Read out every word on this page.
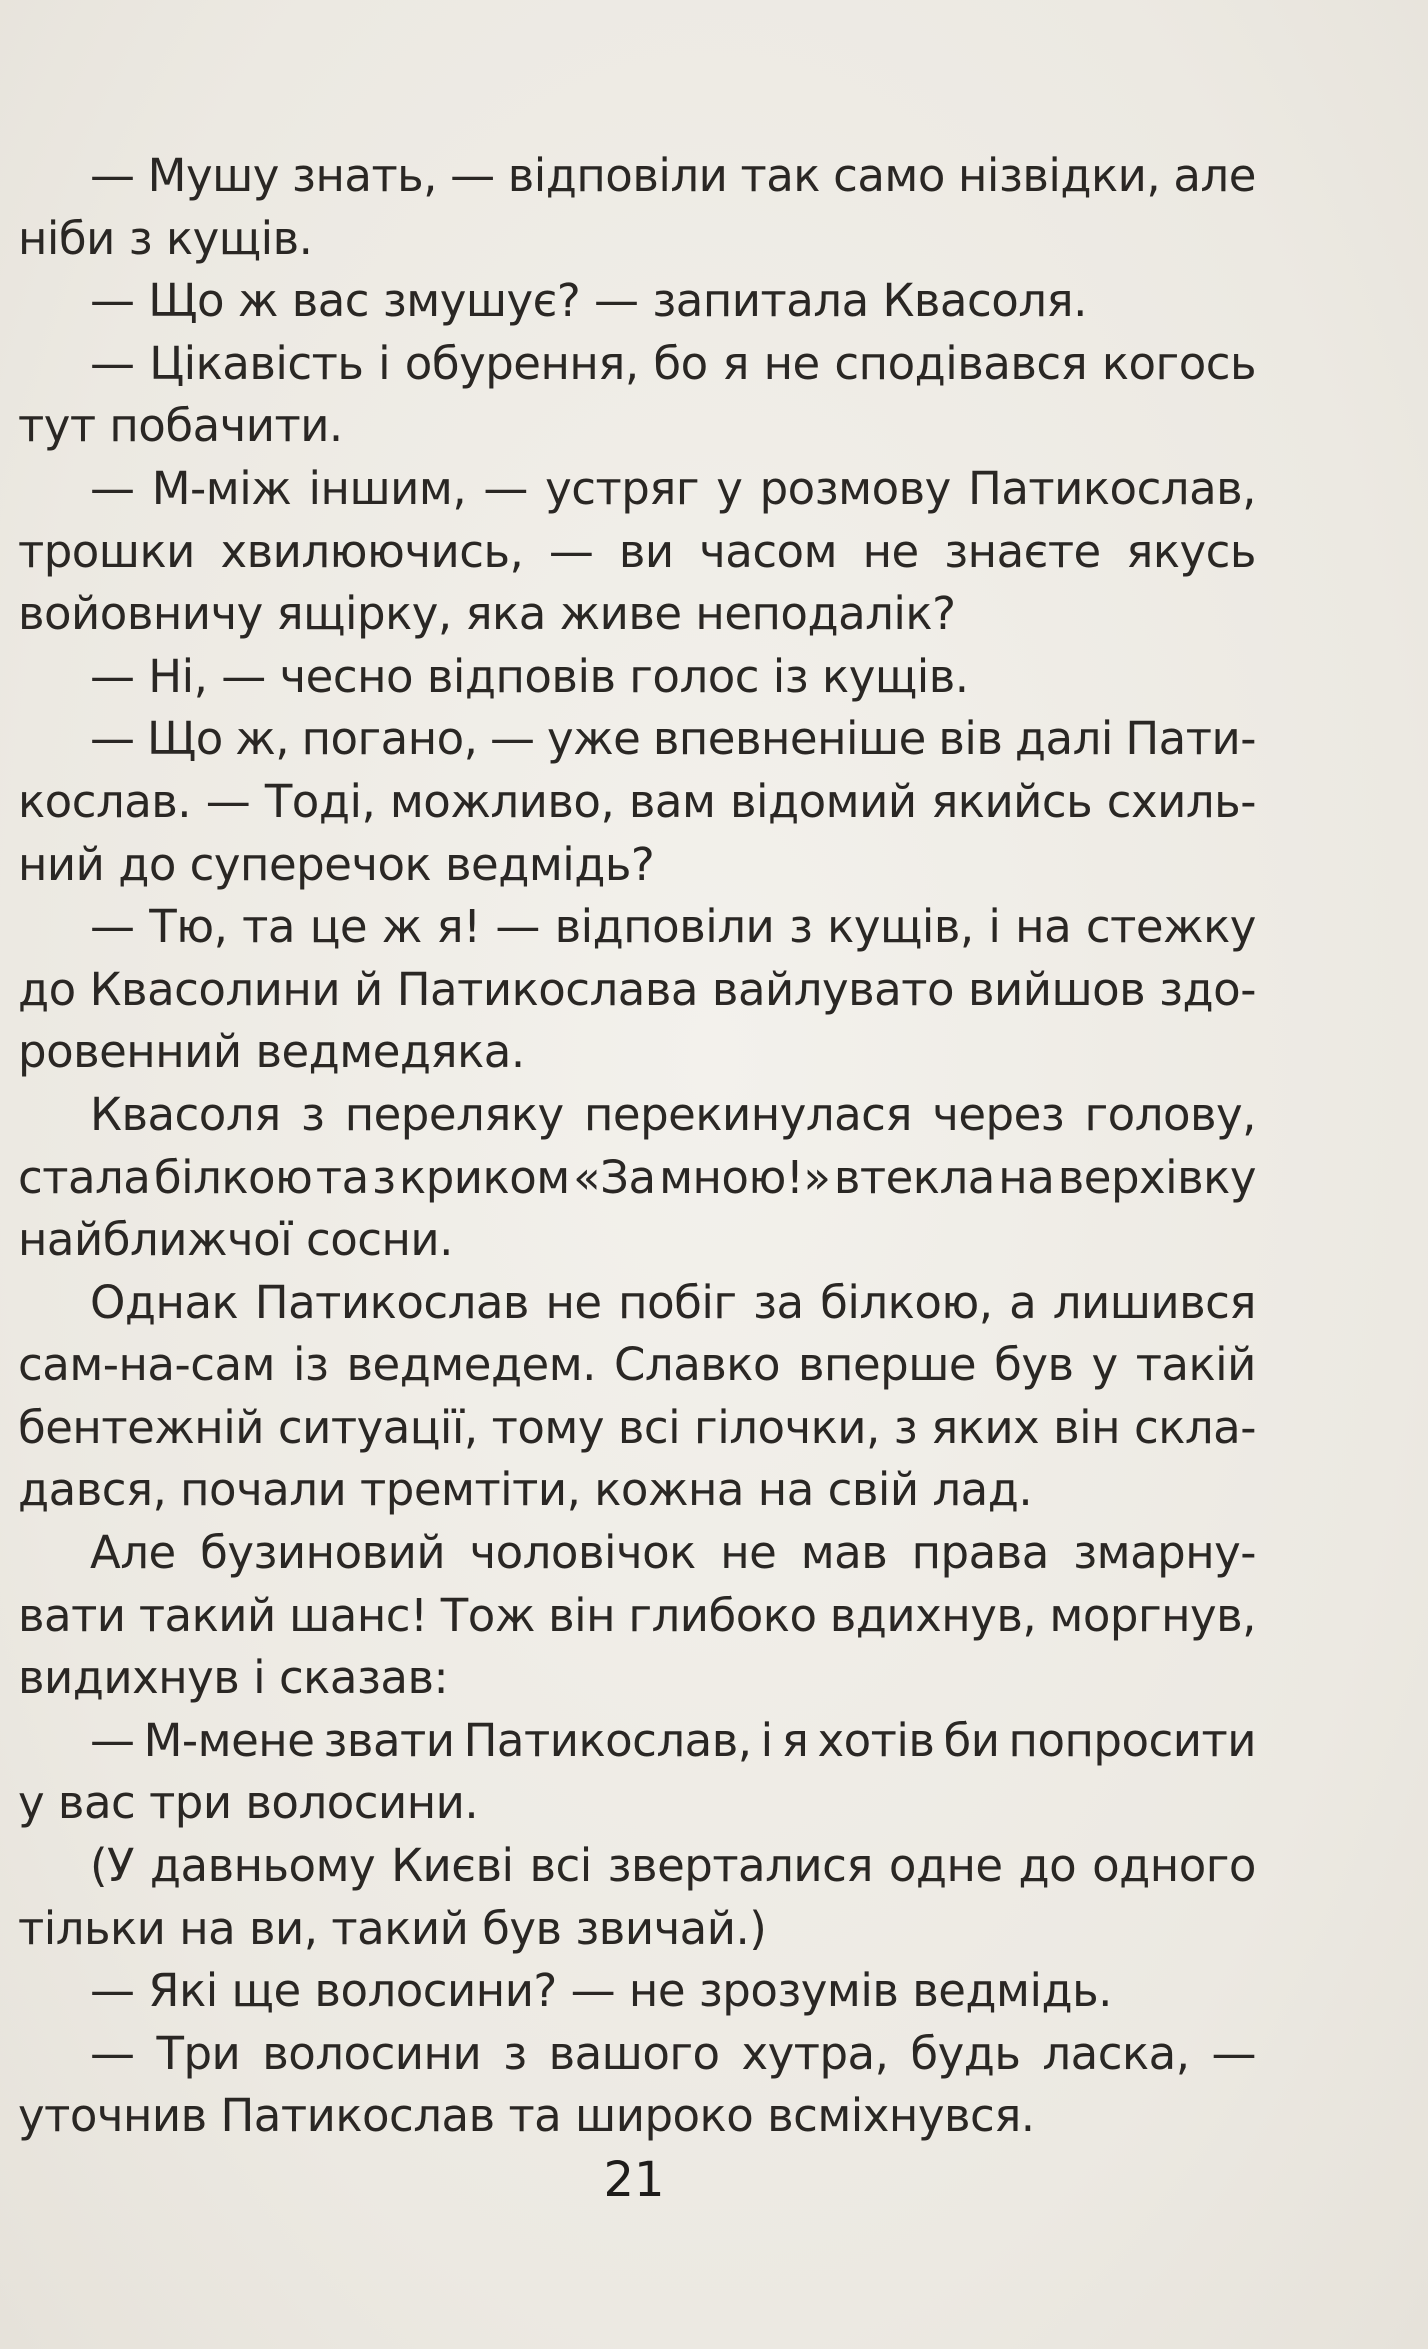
— Мушу знать, — відповіли так само нізвідки, але
ніби з кущів.
— Що ж вас змушує? — запитала Квасоля.
— Цікавість і обурення, бо я не сподівався когось
тут побачити.
— М-між іншим, — устряг у розмову Патикослав,
трошки хвилюючись, — ви часом не знаєте якусь
войовничу ящірку, яка живе неподалік?
— Ні, — чесно відповів голос із кущів.
— Що ж, погано, — уже впевненіше вів далі Пати-
кослав. — Тоді, можливо, вам відомий якийсь схиль-
ний до суперечок ведмідь?
— Тю, та це ж я! — відповіли з кущів, і на стежку
до Квасолини й Патикослава вайлувато вийшов здо-
ровенний ведмедяка.
Квасоля з переляку перекинулася через голову,
стала білкою та з криком «За мною!» втекла на верхівку
найближчої сосни.
Однак Патикослав не побіг за білкою, а лишився
сам-на-сам із ведмедем. Славко вперше був у такій
бентежній ситуації, тому всі гілочки, з яких він скла-
дався, почали тремтіти, кожна на свій лад.
Але бузиновий чоловічок не мав права змарну-
вати такий шанс! Тож він глибоко вдихнув, моргнув,
видихнув і сказав:
— М-мене звати Патикослав, і я хотів би попросити
у вас три волосини.
(У давньому Києві всі зверталися одне до одного
тільки на ви, такий був звичай.)
— Які ще волосини? — не зрозумів ведмідь.
— Три волосини з вашого хутра, будь ласка, —
уточнив Патикослав та широко всміхнувся.
21
